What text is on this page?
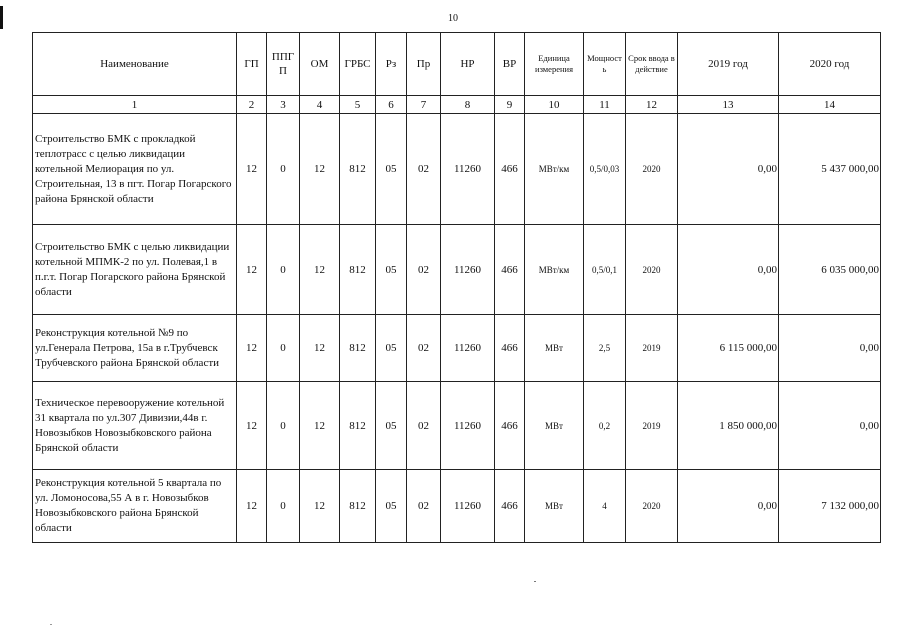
10
Наименование	ГП	ППГП	ОМ	ГРБС	Рз	Пр	НР	ВР	Единица измерения	Мощность	Срок ввода в действие	2019 год	2020 год
1	2	3	4	5	6	7	8	9	10	11	12	13	14
Строительство БМК с прокладкой теплотрасс с целью ликвидации котельной Мелиорация по ул. Строительная, 13 в пгт. Погар Погарского района Брянской области	12	0	12	812	05	02	11260	466	МВт/км	0,5/0,03	2020	0,00	5 437 000,00
Строительство БМК с целью ликвидации котельной МПМК-2 по ул. Полевая,1 в п.г.т. Погар Погарского района Брянской области	12	0	12	812	05	02	11260	466	МВт/км	0,5/0,1	2020	0,00	6 035 000,00
Реконструкция котельной №9 по ул.Генерала Петрова, 15а в г.Трубчевск Трубчевского района Брянской области	12	0	12	812	05	02	11260	466	МВт	2,5	2019	6 115 000,00	0,00
Техническое перевооружение котельной 31 квартала по ул.307 Дивизии,44в г. Новозыбков Новозыбковского района Брянской области	12	0	12	812	05	02	11260	466	МВт	0,2	2019	1 850 000,00	0,00
Реконструкция котельной 5 квартала по ул. Ломоносова,55 А в г. Новозыбков Новозыбковского района Брянской области	12	0	12	812	05	02	11260	466	МВт	4	2020	0,00	7 132 000,00
